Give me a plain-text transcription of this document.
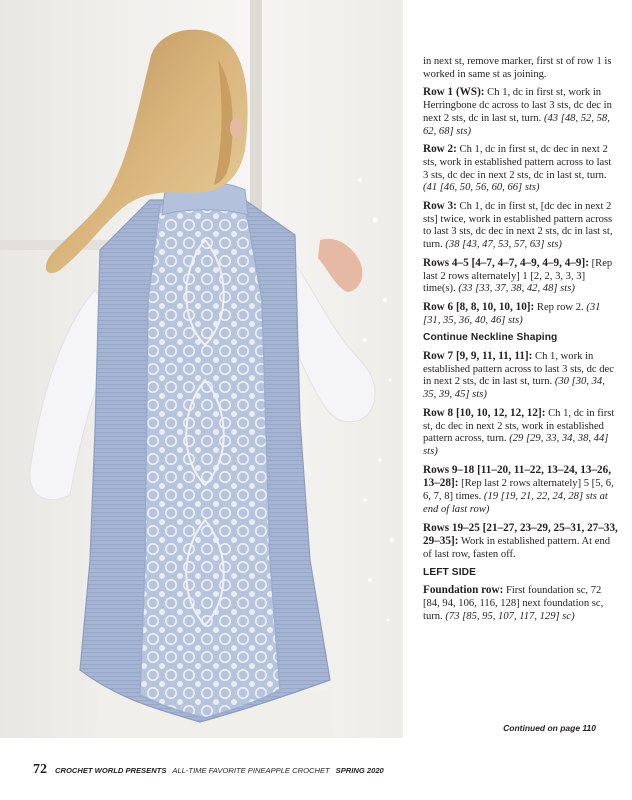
in next st, remove marker, first st of row 1 is worked in same st as joining.
Row 1 (WS): Ch 1, dc in first st, work in Herringbone dc across to last 3 sts, dc dec in next 2 sts, dc in last st, turn. (43 [48, 52, 58, 62, 68] sts)
Row 2: Ch 1, dc in first st, dc dec in next 2 sts, work in established pattern across to last 3 sts, dc dec in next 2 sts, dc in last st, turn. (41 [46, 50, 56, 60, 66] sts)
Row 3: Ch 1, dc in first st, [dc dec in next 2 sts] twice, work in established pattern across to last 3 sts, dc dec in next 2 sts, dc in last st, turn. (38 [43, 47, 53, 57, 63] sts)
Rows 4–5 [4–7, 4–7, 4–9, 4–9, 4–9]: [Rep last 2 rows alternately] 1 [2, 2, 3, 3, 3] time(s). (33 [33, 37, 38, 42, 48] sts)
Row 6 [8, 8, 10, 10, 10]: Rep row 2. (31 [31, 35, 36, 40, 46] sts)
Continue Neckline Shaping
Row 7 [9, 9, 11, 11, 11]: Ch 1, work in established pattern across to last 3 sts, dc dec in next 2 sts, dc in last st, turn. (30 [30, 34, 35, 39, 45] sts)
Row 8 [10, 10, 12, 12, 12]: Ch 1, dc in first st, dc dec in next 2 sts, work in established pattern across, turn. (29 [29, 33, 34, 38, 44] sts)
Rows 9–18 [11–20, 11–22, 13–24, 13–26, 13–28]: [Rep last 2 rows alternately] 5 [5, 6, 6, 7, 8] times. (19 [19, 21, 22, 24, 28] sts at end of last row)
Rows 19–25 [21–27, 23–29, 25–31, 27–33, 29–35]: Work in established pattern. At end of last row, fasten off.
LEFT SIDE
Foundation row: First foundation sc, 72 [84, 94, 106, 116, 128] next foundation sc, turn. (73 [85, 95, 107, 117, 129] sc)
Continued on page 110
72 CROCHET WORLD PRESENTS ALL-TIME FAVORITE PINEAPPLE CROCHET SPRING 2020
